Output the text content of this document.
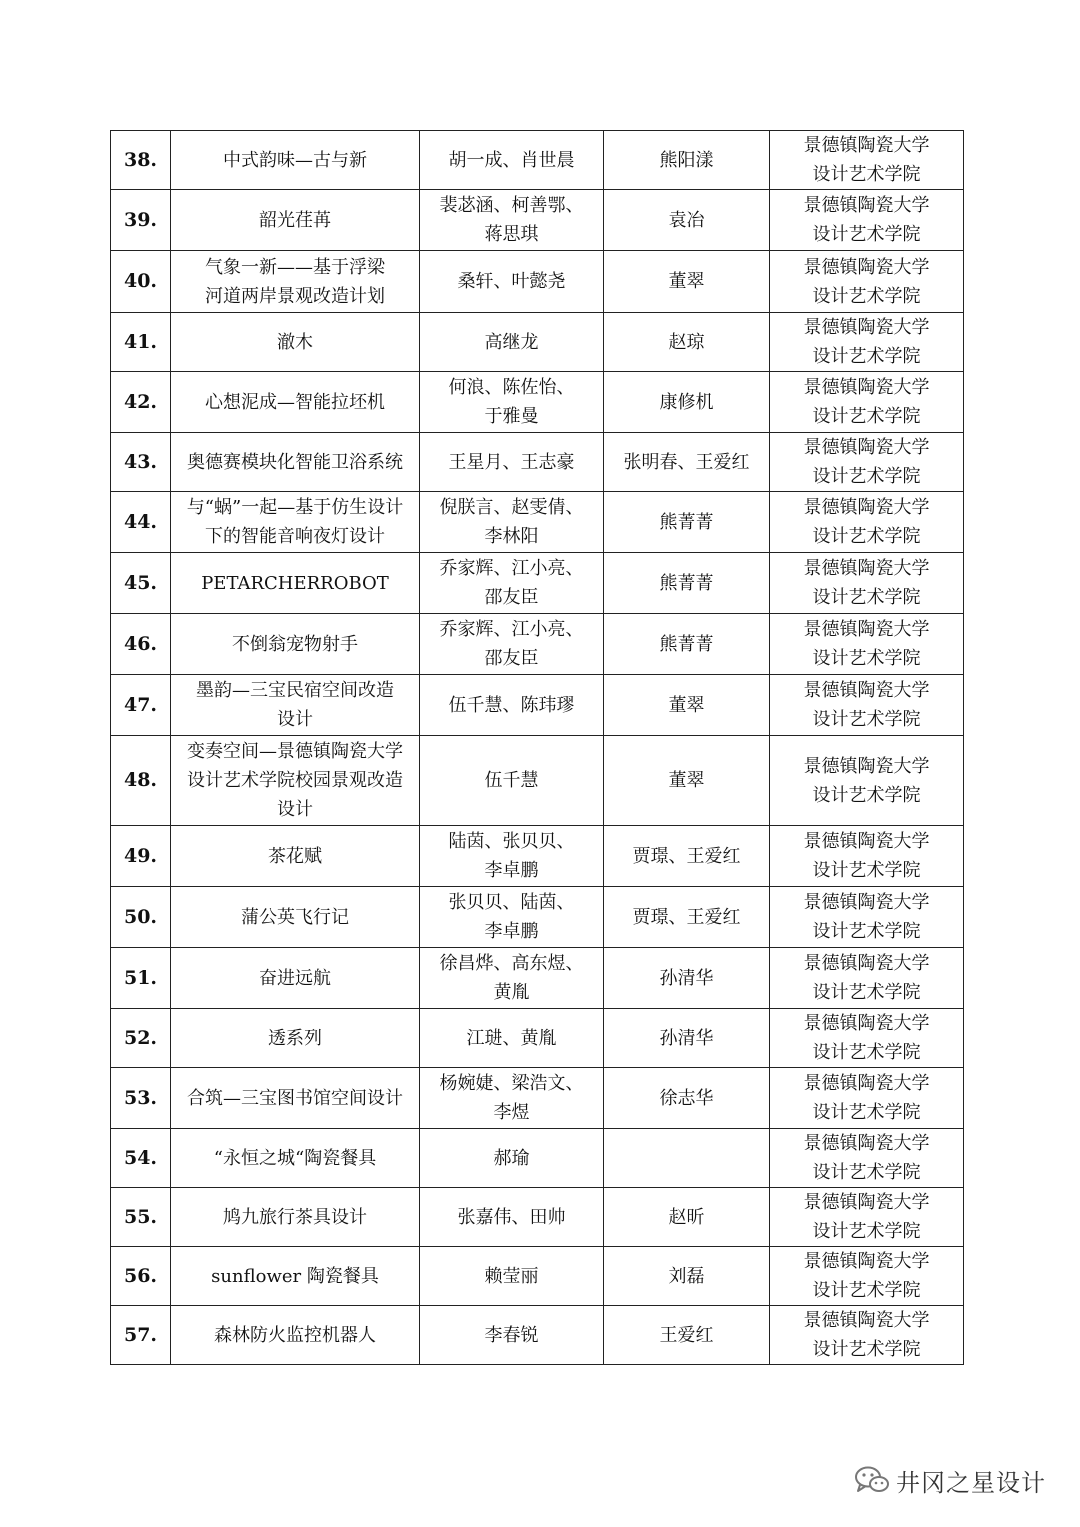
38.	中式韵味—古与新	胡一成、肖世晨	熊阳漾	景德镇陶瓷大学
设计艺术学院

39.	韶光荏苒	裴苾涵、柯善鄂、
蒋思琪	袁冶	景德镇陶瓷大学
设计艺术学院

40.	气象一新——基于浮梁
河道两岸景观改造计划	桑轩、叶懿尧	董翠	景德镇陶瓷大学
设计艺术学院

41.	澈木	高继龙	赵琼	景德镇陶瓷大学
设计艺术学院

42.	心想泥成—智能拉坯机	何浪、陈佐怡、
于雅曼	康修机	景德镇陶瓷大学
设计艺术学院

43.	奥德赛模块化智能卫浴系统	王星月、王志豪	张明春、王爱红	景德镇陶瓷大学
设计艺术学院

44.	与“蜗”一起—基于仿生设计
下的智能音响夜灯设计	倪朕言、赵雯倩、
李林阳	熊菁菁	景德镇陶瓷大学
设计艺术学院

45.	PETARCHERROBOT	乔家辉、江小亮、
邵友臣	熊菁菁	景德镇陶瓷大学
设计艺术学院

46.	不倒翁宠物射手	乔家辉、江小亮、
邵友臣	熊菁菁	景德镇陶瓷大学
设计艺术学院

47.	墨韵—三宝民宿空间改造
设计	伍千慧、陈玮璆	董翠	景德镇陶瓷大学
设计艺术学院

48.	变奏空间—景德镇陶瓷大学
设计艺术学院校园景观改造
设计	伍千慧	董翠	景德镇陶瓷大学
设计艺术学院

49.	茶花赋	陆茵、张贝贝、
李卓鹏	贾璟、王爱红	景德镇陶瓷大学
设计艺术学院

50.	蒲公英飞行记	张贝贝、陆茵、
李卓鹏	贾璟、王爱红	景德镇陶瓷大学
设计艺术学院

51.	奋进远航	徐昌烨、高东煜、
黄胤	孙清华	景德镇陶瓷大学
设计艺术学院

52.	透系列	江琎、黄胤	孙清华	景德镇陶瓷大学
设计艺术学院

53.	合筑—三宝图书馆空间设计	杨婉婕、梁浩文、
李煜	徐志华	景德镇陶瓷大学
设计艺术学院

54.	“永恒之城“陶瓷餐具	郝瑜		景德镇陶瓷大学
设计艺术学院

55.	鸠九旅行茶具设计	张嘉伟、田帅	赵昕	景德镇陶瓷大学
设计艺术学院

56.	sunflower 陶瓷餐具	赖莹丽	刘磊	景德镇陶瓷大学
设计艺术学院

57.	森林防火监控机器人	李春锐	王爱红	景德镇陶瓷大学
设计艺术学院
井冈之星设计
